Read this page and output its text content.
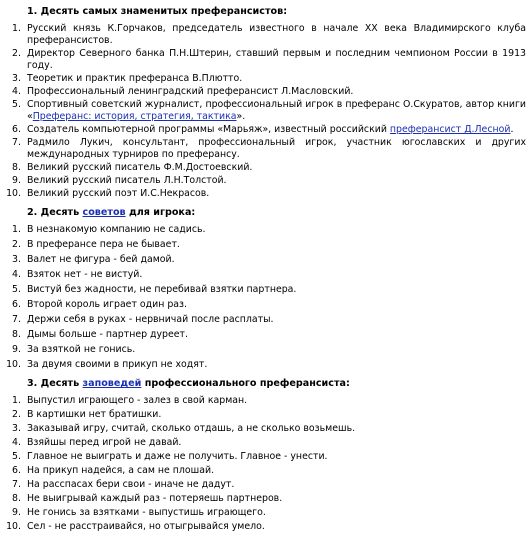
1. Десять самых знаменитых преферансистов:
1. Русский князь К.Горчаков, председатель известного в начале XX века Владимирского клуба преферансистов.
2. Директор Северного банка П.Н.Штерин, ставший первым и последним чемпионом России в 1913 году.
3. Теоретик и практик преферанса В.Плютто.
4. Профессиональный ленинградский преферансист Л.Масловский.
5. Спортивный советский журналист, профессиональный игрок в преферанс О.Скуратов, автор книги «Преферанс: история, стратегия, тактика».
6. Создатель компьютерной программы «Марьяж», известный российский преферансист Д.Лесной.
7. Радмило Лукич, консультант, профессиональный игрок, участник югославских и других международных турниров по преферансу.
8. Великий русский писатель Ф.М.Достоевский.
9. Великий русский писатель Л.Н.Толстой.
10. Великий русский поэт И.С.Некрасов.
2. Десять советов для игрока:
1. В незнакомую компанию не садись.
2. В преферансе пера не бывает.
3. Валет не фигура - бей дамой.
4. Взяток нет - не вистуй.
5. Вистуй без жадности, не перебивай взятки партнера.
6. Второй король играет один раз.
7. Держи себя в руках - нервничай после расплаты.
8. Дымы больше - партнер дуреет.
9. За взяткой не гонись.
10. За двумя своими в прикуп не ходят.
3. Десять заповедей профессионального преферансиста:
1. Выпустил играющего - залез в свой карман.
2. В картишки нет братишки.
3. Заказывай игру, считай, сколько отдашь, а не сколько возьмешь.
4. Взяйшы перед игрой не давай.
5. Главное не выиграть и даже не получить. Главное - унести.
6. На прикуп надейся, а сам не плошай.
7. На расспасах бери свои - иначе не дадут.
8. Не выигрывай каждый раз - потеряешь партнеров.
9. Не гонись за взятками - выпустишь играющего.
10. Сел - не расстраивайся, но отыгрывайся умело.
